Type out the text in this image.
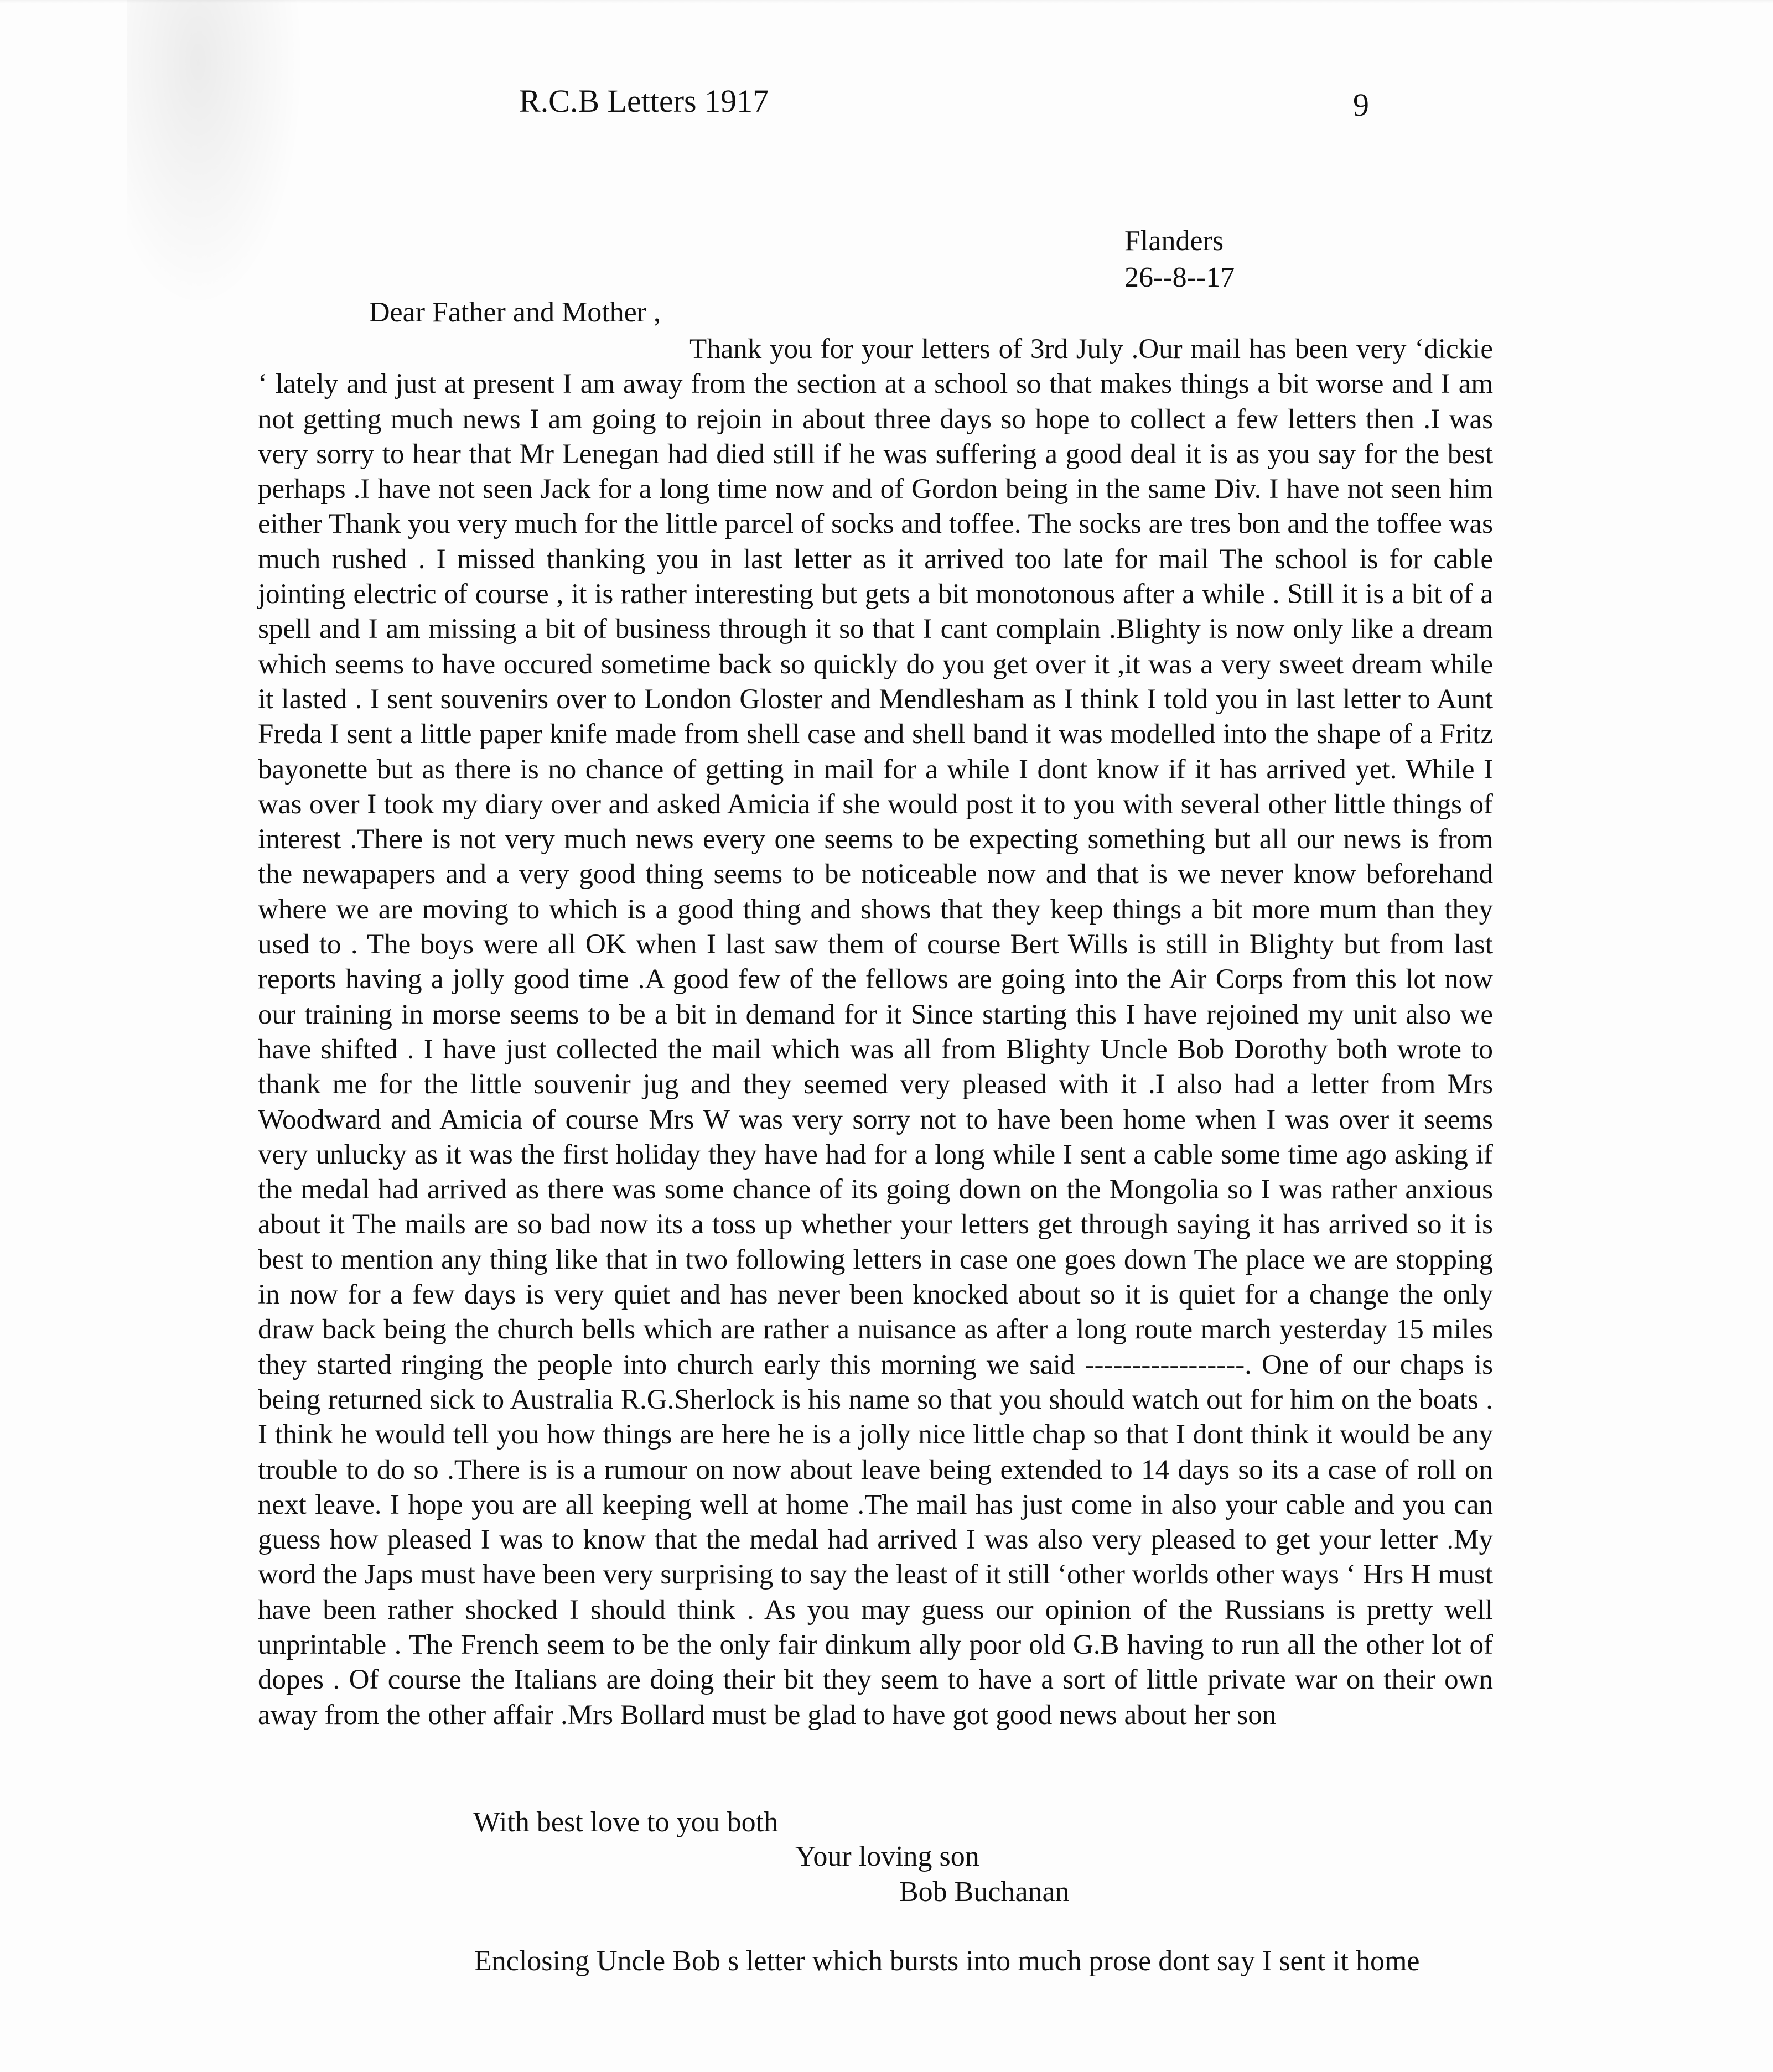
R.C.B Letters 1917	9
Flanders
26--8--17
Dear Father and Mother ,
Thank you for your letters of 3rd July .Our mail has been very ‘dickie ‘ lately and just at present I am away from the section at a school so that makes things a bit worse and I am not getting much news I am going to rejoin in about three days so hope to collect a few letters then .I was very sorry to hear that Mr Lenegan had died still if he was suffering a good deal it is as you say for the best perhaps .I have not seen Jack for a long time now and of Gordon being in the same Div. I have not seen him either Thank you very much for the little parcel of socks and toffee. The socks are tres bon and the toffee was much rushed . I missed thanking you in last letter as it arrived too late for mail The school is for cable jointing electric of course , it is rather interesting but gets a bit monotonous after a while . Still it is a bit of a spell and I am missing a bit of business through it so that I cant complain .Blighty is now only like a dream which seems to have occured sometime back so quickly do you get over it ,it was a very sweet dream while it lasted . I sent souvenirs over to London Gloster and Mendlesham as I think I told you in last letter to Aunt Freda I sent a little paper knife made from shell case and shell band it was modelled into the shape of a Fritz bayonette but as there is no chance of getting in mail for a while I dont know if it has arrived yet. While I was over I took my diary over and asked Amicia if she would post it to you with several other little things of interest .There is not very much news every one seems to be expecting something but all our news is from the newapapers and a very good thing seems to be noticeable now and that is we never know beforehand where we are moving to which is a good thing and shows that they keep things a bit more mum than they used to . The boys were all OK when I last saw them of course Bert Wills is still in Blighty but from last reports having a jolly good time .A good few of the fellows are going into the Air Corps from this lot now our training in morse seems to be a bit in demand for it Since starting this I have rejoined my unit also we have shifted . I have just collected the mail which was all from Blighty Uncle Bob Dorothy both wrote to thank me for the little souvenir jug and they seemed very pleased with it .I also had a letter from Mrs Woodward and Amicia of course Mrs W was very sorry not to have been home when I was over it seems very unlucky as it was the first holiday they have had for a long while I sent a cable some time ago asking if the medal had arrived as there was some chance of its going down on the Mongolia so I was rather anxious about it The mails are so bad now its a toss up whether your letters get through saying it has arrived so it is best to mention any thing like that in two following letters in case one goes down The place we are stopping in now for a few days is very quiet and has never been knocked about so it is quiet for a change the only draw back being the church bells which are rather a nuisance as after a long route march yesterday 15 miles they started ringing the people into church early this morning we said -----------------. One of our chaps is being returned sick to Australia R.G.Sherlock is his name so that you should watch out for him on the boats . I think he would tell you how things are here he is a jolly nice little chap so that I dont think it would be any trouble to do so .There is is a rumour on now about leave being extended to 14 days so its a case of roll on next leave. I hope you are all keeping well at home .The mail has just come in also your cable and you can guess how pleased I was to know that the medal had arrived I was also very pleased to get your letter .My word the Japs must have been very surprising to say the least of it still ‘other worlds other ways ‘ Hrs H must have been rather shocked I should think . As you may guess our opinion of the Russians is pretty well unprintable . The French seem to be the only fair dinkum ally poor old G.B having to run all the other lot of dopes . Of course the Italians are doing their bit they seem to have a sort of little private war on their own away from the other affair .Mrs Bollard must be glad to have got good news about her son
With best love to you both
Your loving son
Bob Buchanan
Enclosing Uncle Bob s letter which bursts into much prose dont say I sent it home
